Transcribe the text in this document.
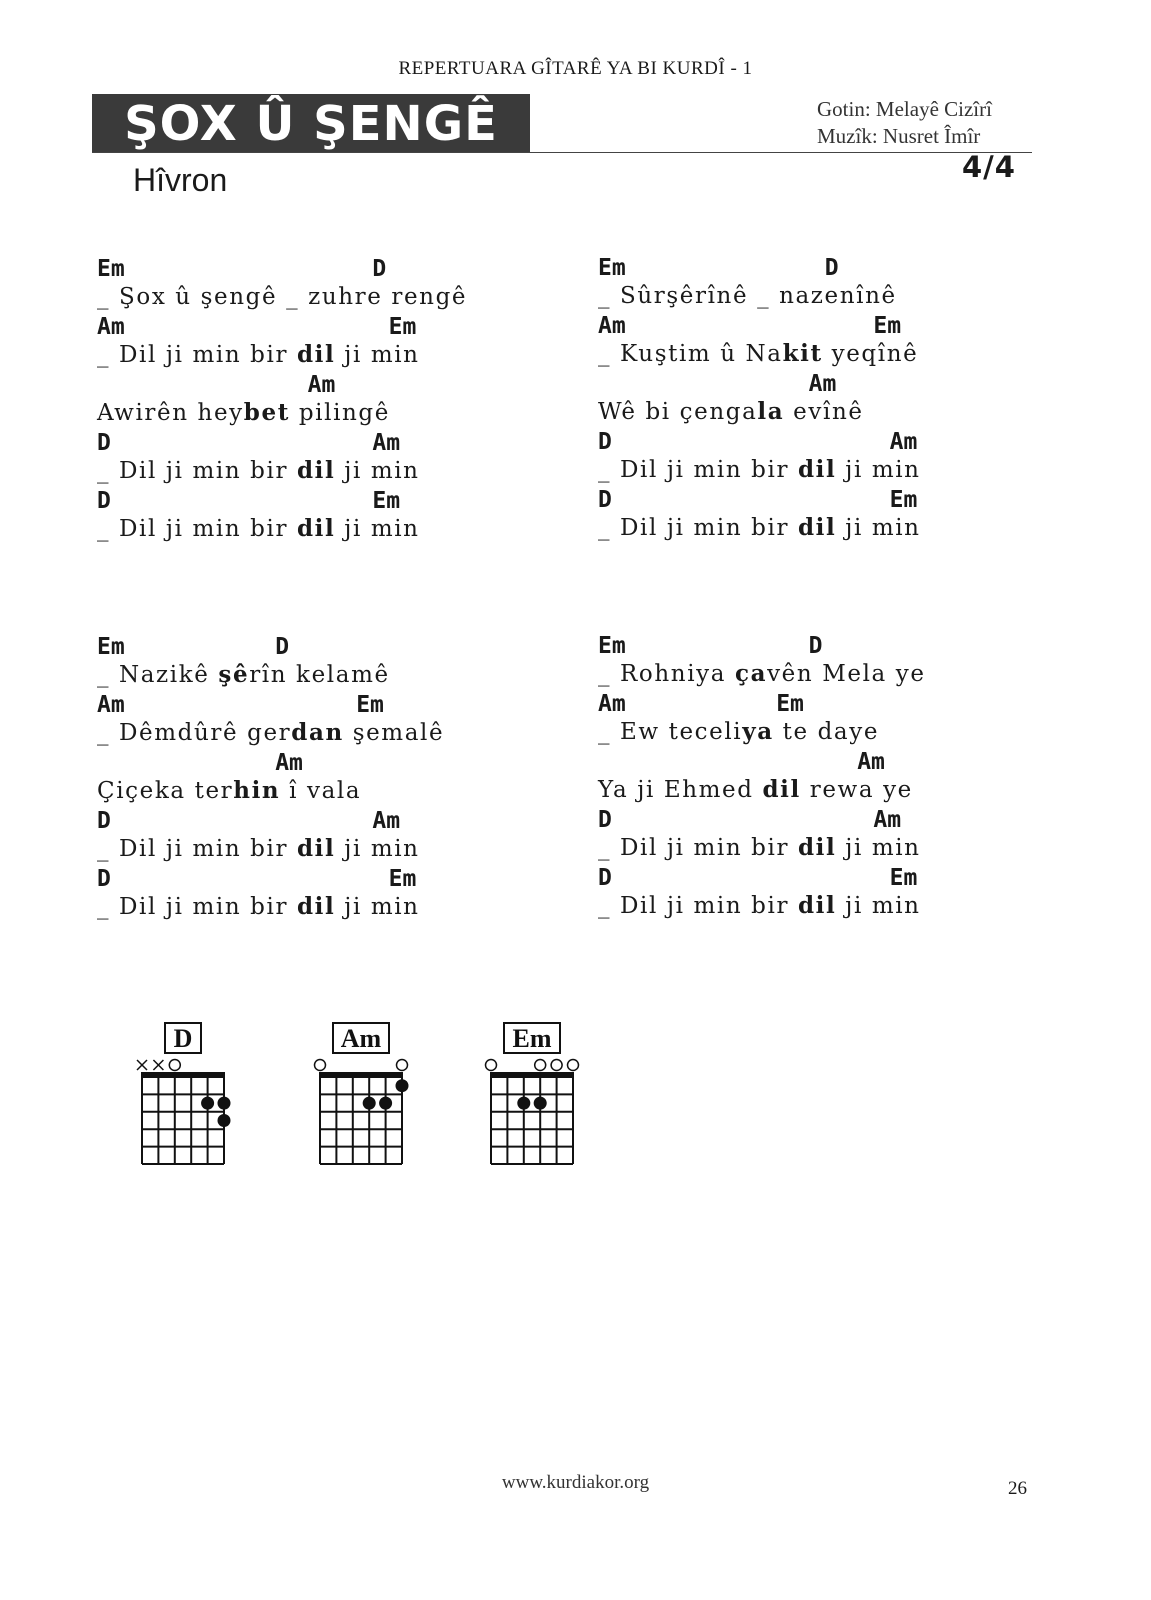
REPERTUARA GÎTARÊ YA BI KURDÎ - 1
ŞOX Û ŞENGÊ	Gotin: Melayê Cizîrî
Muzîk: Nusret Îmîr
4/4
Hîvron
Em	D
_ Şox û şengê _ zuhre rengê
Am	Em
_ Dil ji min bir dil ji min
Am
Awirên heybet pilingê
D	Am
_ Dil ji min bir dil ji min
D	Em
_ Dil ji min bir dil ji min
Em	D
_ Sûrşêrînê _ nazenînê
Am	Em
_ Kuştim û Nakit yeqînê
Am
Wê bi çengala evînê
D	Am
_ Dil ji min bir dil ji min
D	Em
_ Dil ji min bir dil ji min
Em	D
_ Nazikê şêrîn kelamê
Am	Em
_ Dêmdûrê gerdan şemalê
Am
Çiçeka terhin î vala
D	Am
_ Dil ji min bir dil ji min
D	Em
_ Dil ji min bir dil ji min
Em	D
_ Rohniya çavên Mela ye
Am	Em
_ Ew teceliya te daye
Am
Ya ji Ehmed dil rewa ye
D	Am
_ Dil ji min bir dil ji min
D	Em
_ Dil ji min bir dil ji min
D	Am	Em
www.kurdiakor.org	26
